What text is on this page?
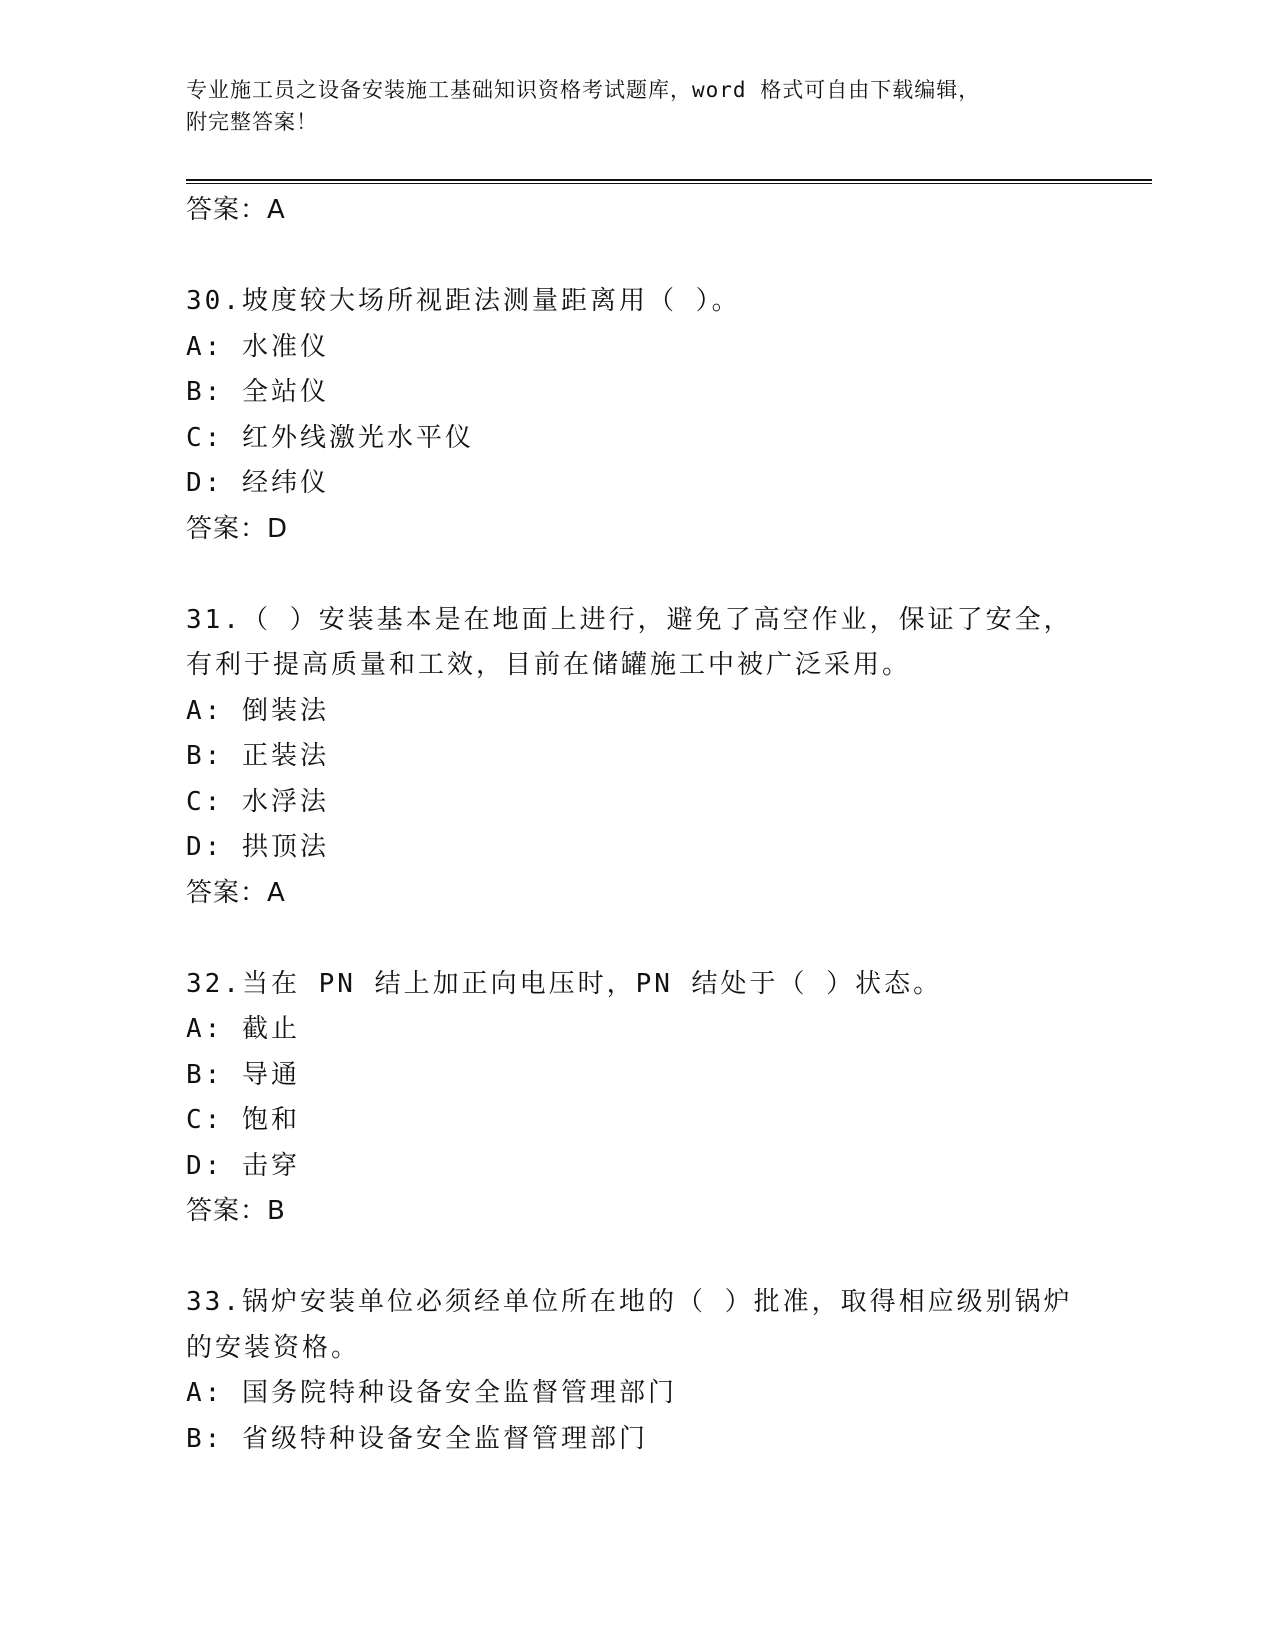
专业施工员之设备安装施工基础知识资格考试题库，word 格式可自由下载编辑，
附完整答案！
答案：A
30.坡度较大场所视距法测量距离用（ ）。
A: 水准仪
B: 全站仪
C: 红外线激光水平仪
D: 经纬仪
答案：D
31.（ ）安装基本是在地面上进行，避免了高空作业，保证了安全，
有利于提高质量和工效，目前在储罐施工中被广泛采用。
A: 倒装法
B: 正装法
C: 水浮法
D: 拱顶法
答案：A
32.当在 PN 结上加正向电压时，PN 结处于（ ）状态。
A: 截止
B: 导通
C: 饱和
D: 击穿
答案：B
33.锅炉安装单位必须经单位所在地的（ ）批准，取得相应级别锅炉
的安装资格。
A: 国务院特种设备安全监督管理部门
B: 省级特种设备安全监督管理部门
